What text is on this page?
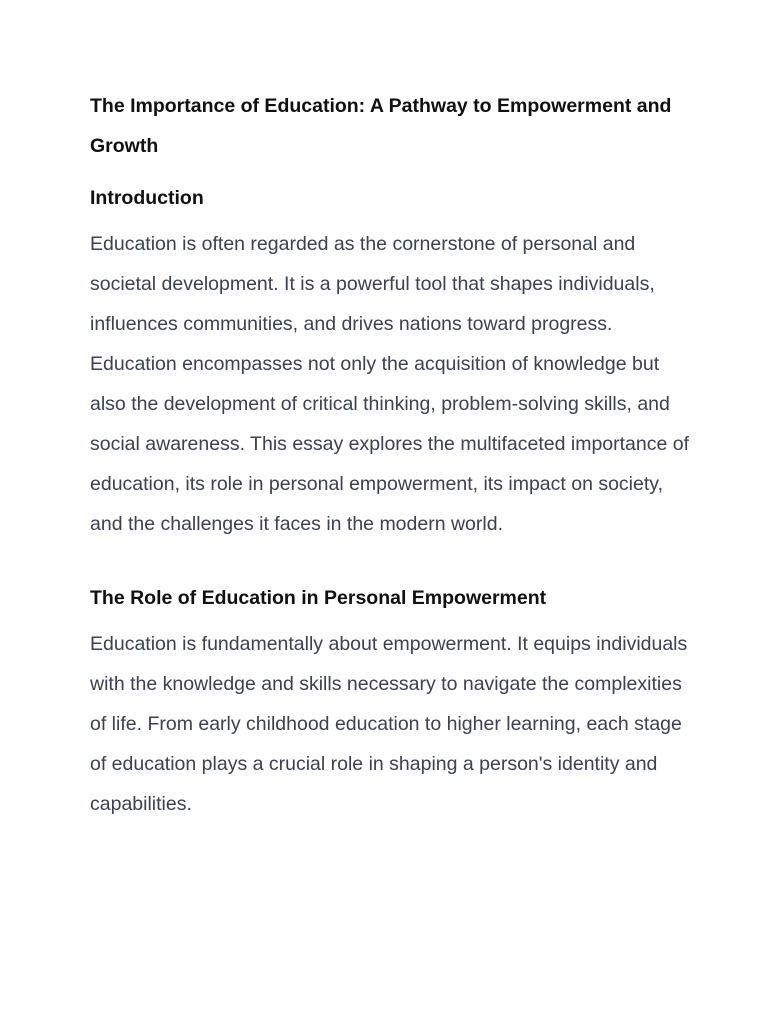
The Importance of Education: A Pathway to Empowerment and Growth
Introduction

Education is often regarded as the cornerstone of personal and societal development. It is a powerful tool that shapes individuals, influences communities, and drives nations toward progress. Education encompasses not only the acquisition of knowledge but also the development of critical thinking, problem-solving skills, and social awareness. This essay explores the multifaceted importance of education, its role in personal empowerment, its impact on society, and the challenges it faces in the modern world.

The Role of Education in Personal Empowerment

Education is fundamentally about empowerment. It equips individuals with the knowledge and skills necessary to navigate the complexities of life. From early childhood education to higher learning, each stage of education plays a crucial role in shaping a person's identity and capabilities.
